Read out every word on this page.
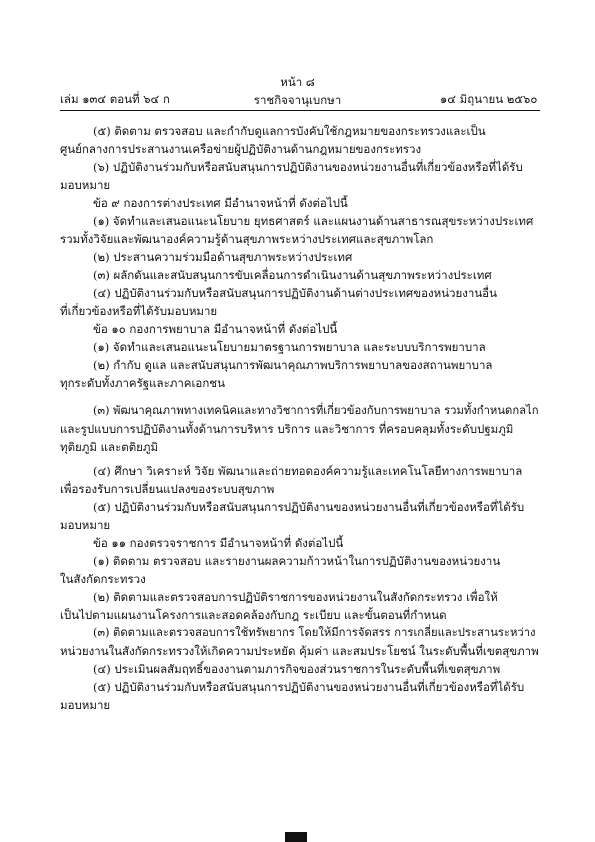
หน้า ๘
เล่ม ๑๓๔ ตอนที่ ๖๔ ก	ราชกิจจานุเบกษา	๑๔ มิถุนายน ๒๕๖๐
(๕) ติดตาม ตรวจสอบ และกำกับดูแลการบังคับใช้กฎหมายของกระทรวงและเป็น
ศูนย์กลางการประสานงานเครือข่ายผู้ปฏิบัติงานด้านกฎหมายของกระทรวง
(๖) ปฏิบัติงานร่วมกับหรือสนับสนุนการปฏิบัติงานของหน่วยงานอื่นที่เกี่ยวข้องหรือที่ได้รับ
มอบหมาย
ข้อ ๙ กองการต่างประเทศ มีอำนาจหน้าที่ ดังต่อไปนี้
(๑) จัดทำและเสนอแนะนโยบาย ยุทธศาสตร์ และแผนงานด้านสาธารณสุขระหว่างประเทศ
รวมทั้งวิจัยและพัฒนาองค์ความรู้ด้านสุขภาพระหว่างประเทศและสุขภาพโลก
(๒) ประสานความร่วมมือด้านสุขภาพระหว่างประเทศ
(๓) ผลักดันและสนับสนุนการขับเคลื่อนการดำเนินงานด้านสุขภาพระหว่างประเทศ
(๔) ปฏิบัติงานร่วมกับหรือสนับสนุนการปฏิบัติงานด้านต่างประเทศของหน่วยงานอื่น
ที่เกี่ยวข้องหรือที่ได้รับมอบหมาย
ข้อ ๑๐ กองการพยาบาล มีอำนาจหน้าที่ ดังต่อไปนี้
(๑) จัดทำและเสนอแนะนโยบายมาตรฐานการพยาบาล และระบบบริการพยาบาล
(๒) กำกับ ดูแล และสนับสนุนการพัฒนาคุณภาพบริการพยาบาลของสถานพยาบาล
ทุกระดับทั้งภาครัฐและภาคเอกชน
(๓) พัฒนาคุณภาพทางเทคนิคและทางวิชาการที่เกี่ยวข้องกับการพยาบาล รวมทั้งกำหนดกลไก
และรูปแบบการปฏิบัติงานทั้งด้านการบริหาร บริการ และวิชาการ ที่ครอบคลุมทั้งระดับปฐมภูมิ
ทุติยภูมิ และตติยภูมิ
(๔) ศึกษา วิเคราะห์ วิจัย พัฒนาและถ่ายทอดองค์ความรู้และเทคโนโลยีทางการพยาบาล
เพื่อรองรับการเปลี่ยนแปลงของระบบสุขภาพ
(๕) ปฏิบัติงานร่วมกับหรือสนับสนุนการปฏิบัติงานของหน่วยงานอื่นที่เกี่ยวข้องหรือที่ได้รับ
มอบหมาย
ข้อ ๑๑ กองตรวจราชการ มีอำนาจหน้าที่ ดังต่อไปนี้
(๑) ติดตาม ตรวจสอบ และรายงานผลความก้าวหน้าในการปฏิบัติงานของหน่วยงาน
ในสังกัดกระทรวง
(๒) ติดตามและตรวจสอบการปฏิบัติราชการของหน่วยงานในสังกัดกระทรวง เพื่อให้
เป็นไปตามแผนงานโครงการและสอดคล้องกับกฎ ระเบียบ และขั้นตอนที่กำหนด
(๓) ติดตามและตรวจสอบการใช้ทรัพยากร โดยให้มีการจัดสรร การเกลี่ยและประสานระหว่าง
หน่วยงานในสังกัดกระทรวงให้เกิดความประหยัด คุ้มค่า และสมประโยชน์ ในระดับพื้นที่เขตสุขภาพ
(๔) ประเมินผลสัมฤทธิ์ของงานตามภารกิจของส่วนราชการในระดับพื้นที่เขตสุขภาพ
(๕) ปฏิบัติงานร่วมกับหรือสนับสนุนการปฏิบัติงานของหน่วยงานอื่นที่เกี่ยวข้องหรือที่ได้รับ
มอบหมาย
